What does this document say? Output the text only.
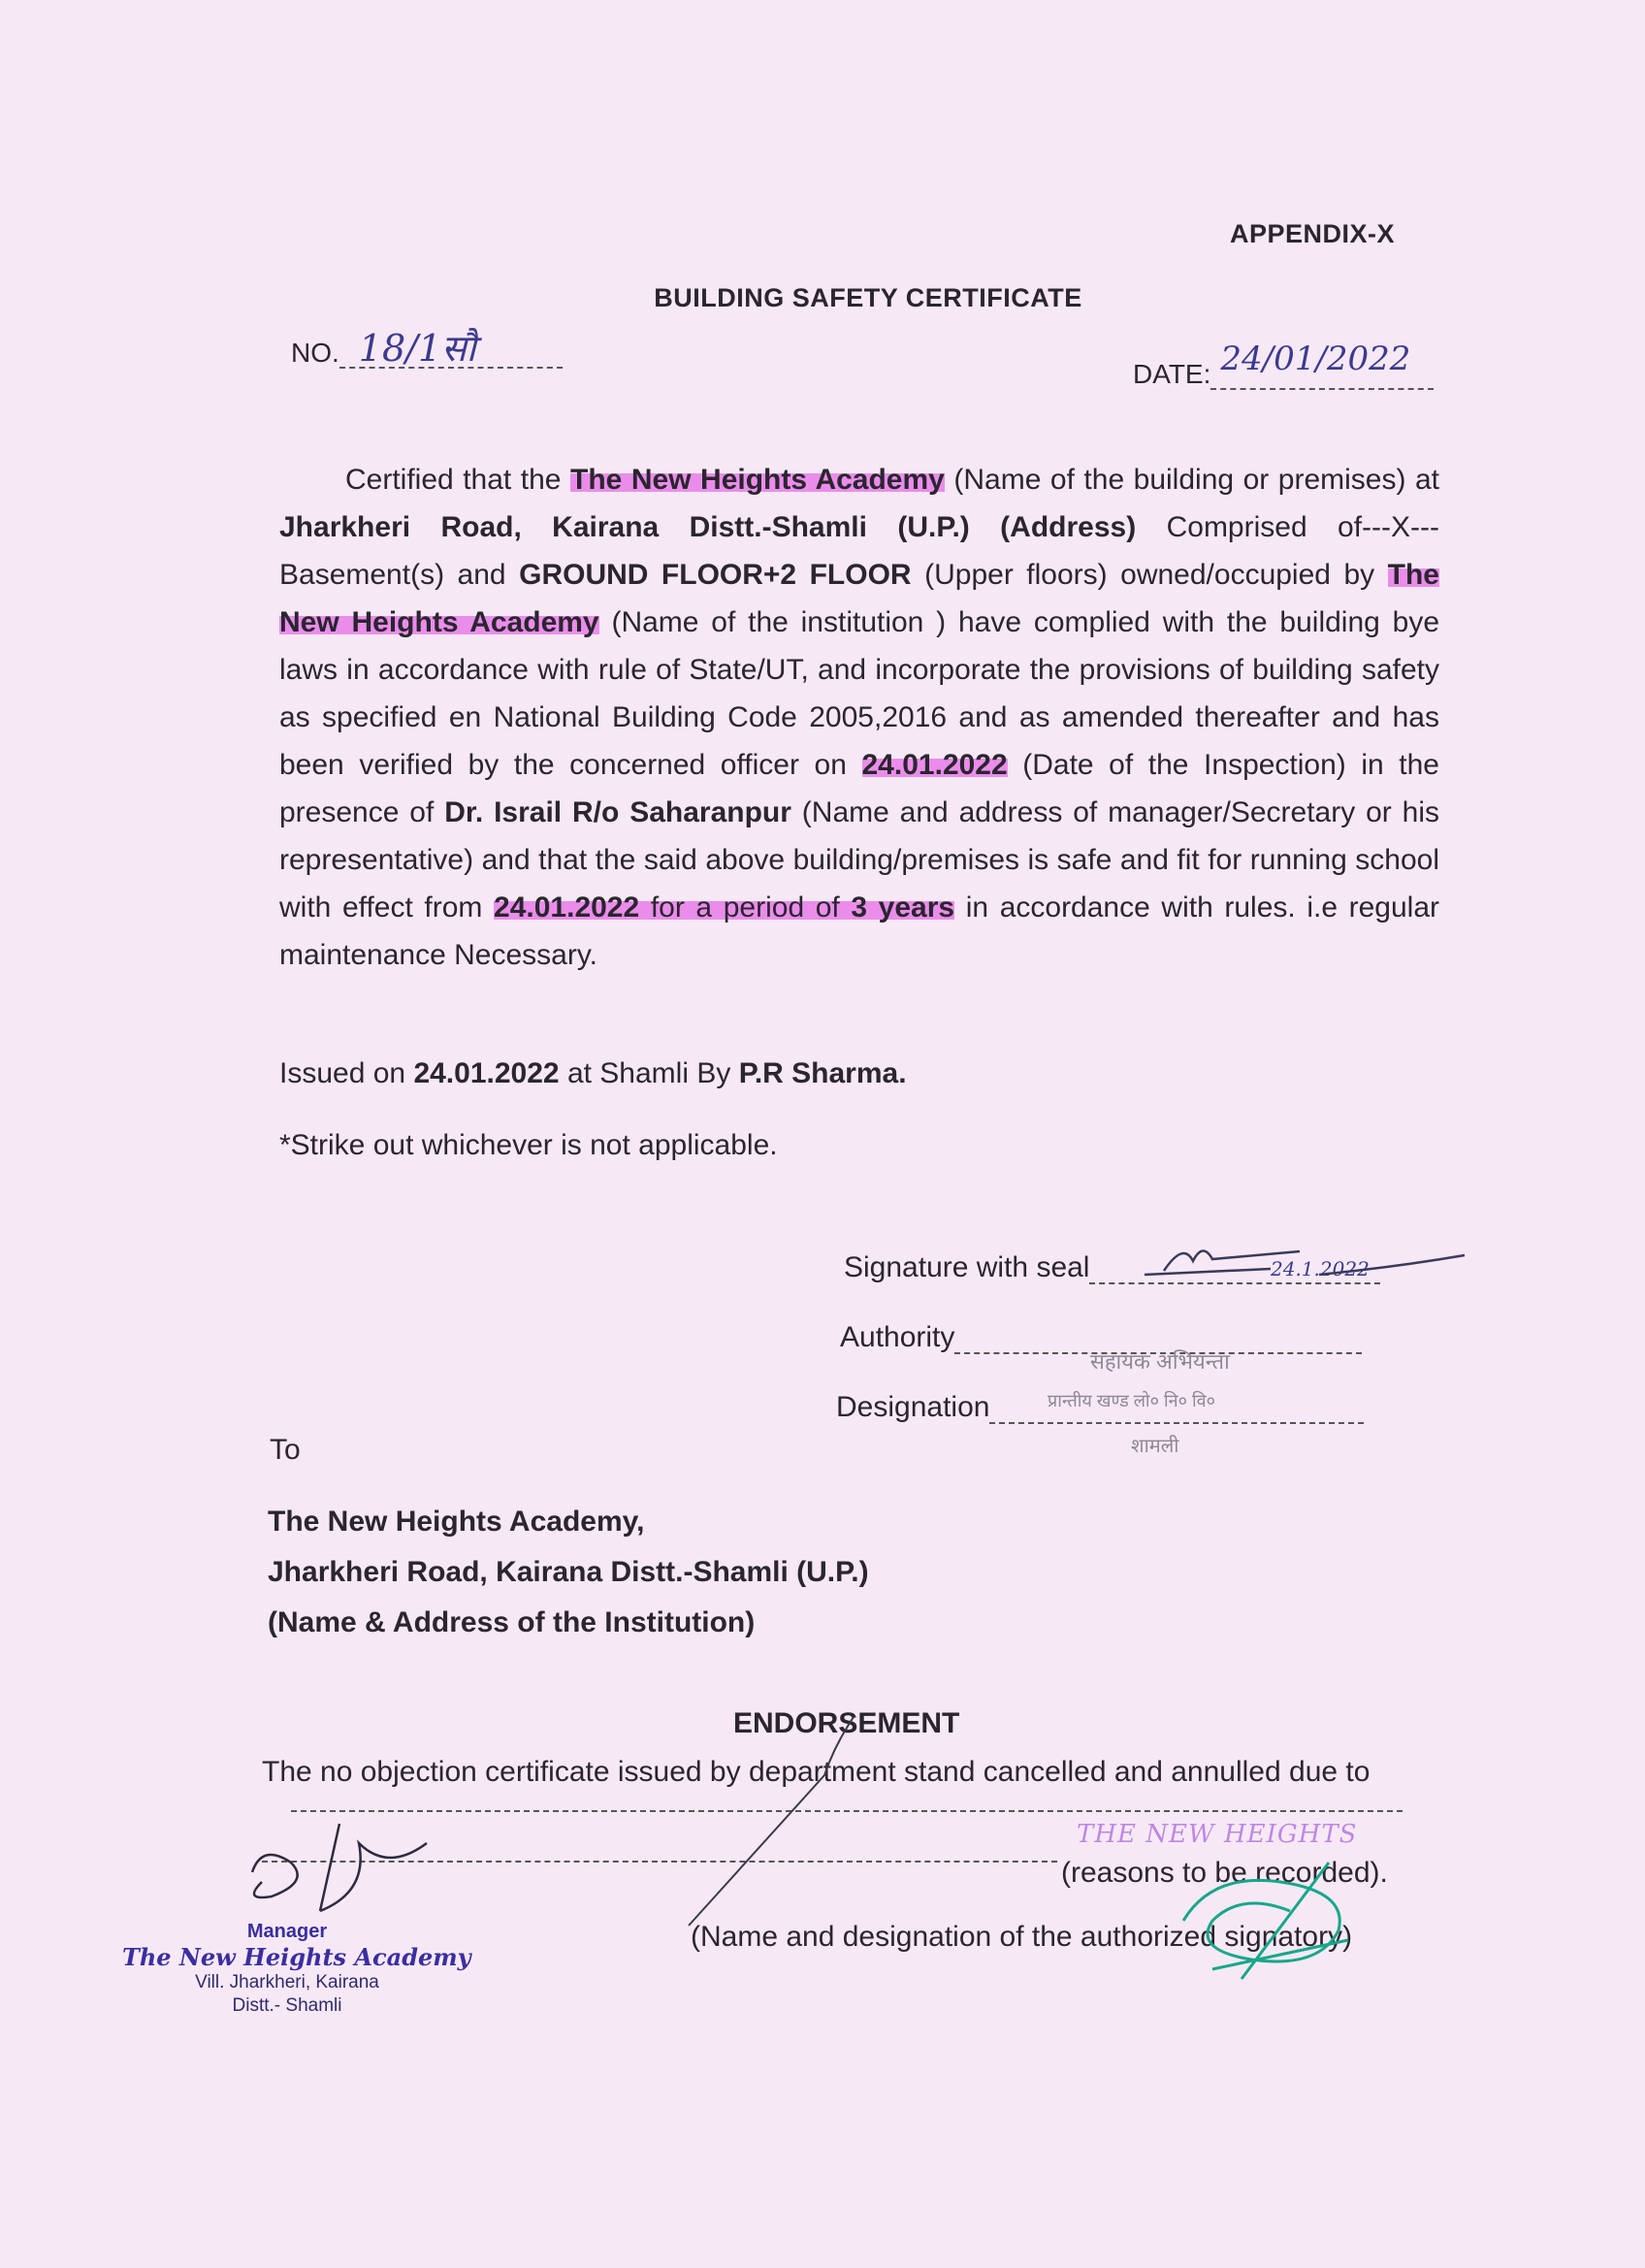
APPENDIX-X
BUILDING SAFETY CERTIFICATE
NO. 18/1सौ
DATE: 24/01/2022
Certified that the The New Heights Academy (Name of the building or premises) at Jharkheri Road, Kairana Distt.-Shamli (U.P.) (Address) Comprised of---X---Basement(s) and GROUND FLOOR+2 FLOOR (Upper floors) owned/occupied by The New Heights Academy (Name of the institution ) have complied with the building bye laws in accordance with rule of State/UT, and incorporate the provisions of building safety as specified en National Building Code 2005,2016 and as amended thereafter and has been verified by the concerned officer on 24.01.2022 (Date of the Inspection) in the presence of Dr. Israil R/o Saharanpur (Name and address of manager/Secretary or his representative) and that the said above building/premises is safe and fit for running school with effect from 24.01.2022 for a period of 3 years in accordance with rules. i.e regular maintenance Necessary.
Issued on 24.01.2022 at Shamli By P.R Sharma.
*Strike out whichever is not applicable.
Signature with seal	24.1.2022
Authority
Designation
सहायक अभियन्ता
प्रान्तीय खण्ड लो० नि० वि०
शामली
To
The New Heights Academy,
Jharkheri Road, Kairana Distt.-Shamli (U.P.)
(Name & Address of the Institution)
ENDORSEMENT
The no objection certificate issued by department stand cancelled and annulled due to
(reasons to be recorded).
(Name and designation of the authorized signatory)
THE NEW HEIGHTS
Manager
The New Heights Academy
Vill. Jharkheri, Kairana
Distt.- Shamli
